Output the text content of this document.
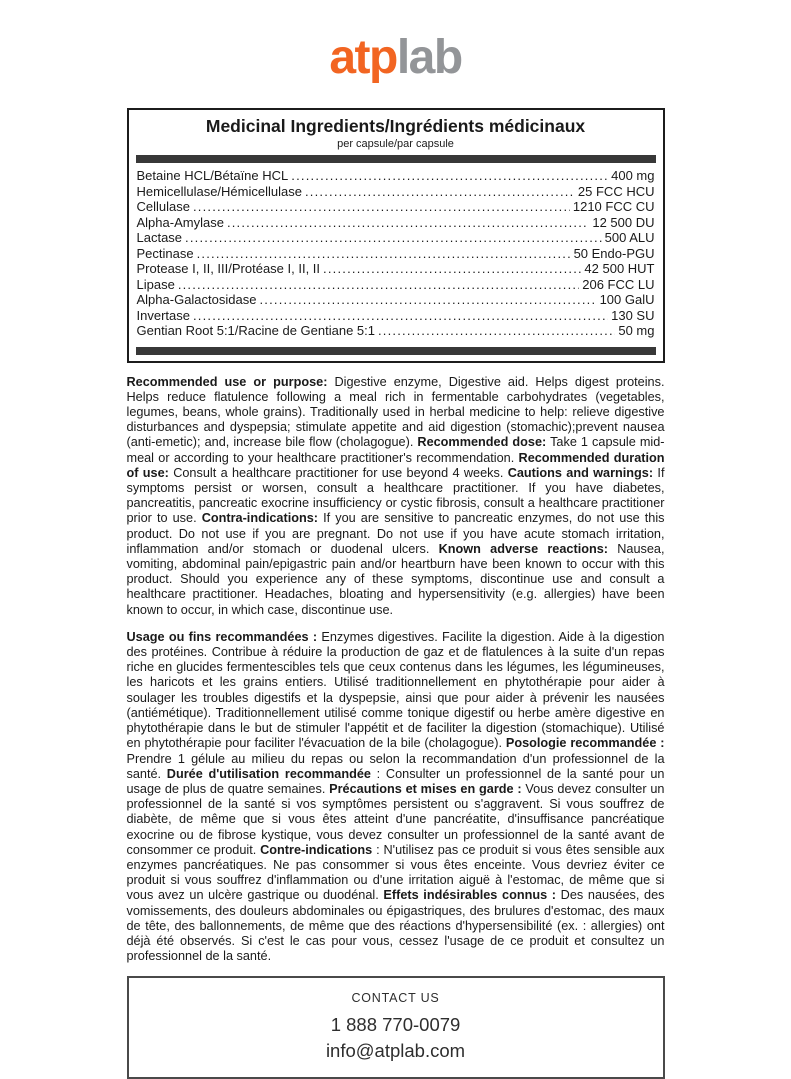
atplab
Medicinal Ingredients/Ingrédients médicinaux
per capsule/par capsule
Betaine HCL/Bétaïne HCL .....	400 mg
Hemicellulase/Hémicellulase .....	25 FCC HCU
Cellulase .....	1210 FCC CU
Alpha-Amylase .....	12 500 DU
Lactase .....	500 ALU
Pectinase .....	50 Endo-PGU
Protease I, II, III/Protéase I, II, II .....	42 500 HUT
Lipase .....	206 FCC LU
Alpha-Galactosidase .....	100 GalU
Invertase .....	130 SU
Gentian Root 5:1/Racine de Gentiane 5:1 .....	50 mg
Recommended use or purpose: Digestive enzyme, Digestive aid. Helps digest proteins. Helps reduce flatulence following a meal rich in fermentable carbohydrates (vegetables, legumes, beans, whole grains). Traditionally used in herbal medicine to help: relieve digestive disturbances and dyspepsia; stimulate appetite and aid digestion (stomachic);prevent nausea (anti-emetic); and, increase bile flow (cholagogue). Recommended dose: Take 1 capsule mid-meal or according to your healthcare practitioner's recommendation. Recommended duration of use: Consult a healthcare practitioner for use beyond 4 weeks. Cautions and warnings: If symptoms persist or worsen, consult a healthcare practitioner. If you have diabetes, pancreatitis, pancreatic exocrine insufficiency or cystic fibrosis, consult a healthcare practitioner prior to use. Contra-indications: If you are sensitive to pancreatic enzymes, do not use this product. Do not use if you are pregnant. Do not use if you have acute stomach irritation, inflammation and/or stomach or duodenal ulcers. Known adverse reactions: Nausea, vomiting, abdominal pain/epigastric pain and/or heartburn have been known to occur with this product. Should you experience any of these symptoms, discontinue use and consult a healthcare practitioner. Headaches, bloating and hypersensitivity (e.g. allergies) have been known to occur, in which case, discontinue use.
Usage ou fins recommandées : Enzymes digestives. Facilite la digestion. Aide à la digestion des protéines. Contribue à réduire la production de gaz et de flatulences à la suite d'un repas riche en glucides fermentescibles tels que ceux contenus dans les légumes, les légumineuses, les haricots et les grains entiers. Utilisé traditionnellement en phytothérapie pour aider à soulager les troubles digestifs et la dyspepsie, ainsi que pour aider à prévenir les nausées (antiémétique). Traditionnellement utilisé comme tonique digestif ou herbe amère digestive en phytothérapie dans le but de stimuler l'appétit et de faciliter la digestion (stomachique). Utilisé en phytothérapie pour faciliter l'évacuation de la bile (cholagogue). Posologie recommandée : Prendre 1 gélule au milieu du repas ou selon la recommandation d'un professionnel de la santé. Durée d'utilisation recommandée : Consulter un professionnel de la santé pour un usage de plus de quatre semaines. Précautions et mises en garde : Vous devez consulter un professionnel de la santé si vos symptômes persistent ou s'aggravent. Si vous souffrez de diabète, de même que si vous êtes atteint d'une pancréatite, d'insuffisance pancréatique exocrine ou de fibrose kystique, vous devez consulter un professionnel de la santé avant de consommer ce produit. Contre-indications : N'utilisez pas ce produit si vous êtes sensible aux enzymes pancréatiques. Ne pas consommer si vous êtes enceinte. Vous devriez éviter ce produit si vous souffrez d'inflammation ou d'une irritation aiguë à l'estomac, de même que si vous avez un ulcère gastrique ou duodénal. Effets indésirables connus : Des nausées, des vomissements, des douleurs abdominales ou épigastriques, des brulures d'estomac, des maux de tête, des ballonnements, de même que des réactions d'hypersensibilité (ex. : allergies) ont déjà été observés. Si c'est le cas pour vous, cessez l'usage de ce produit et consultez un professionnel de la santé.
CONTACT US
1 888 770-0079
info@atplab.com
